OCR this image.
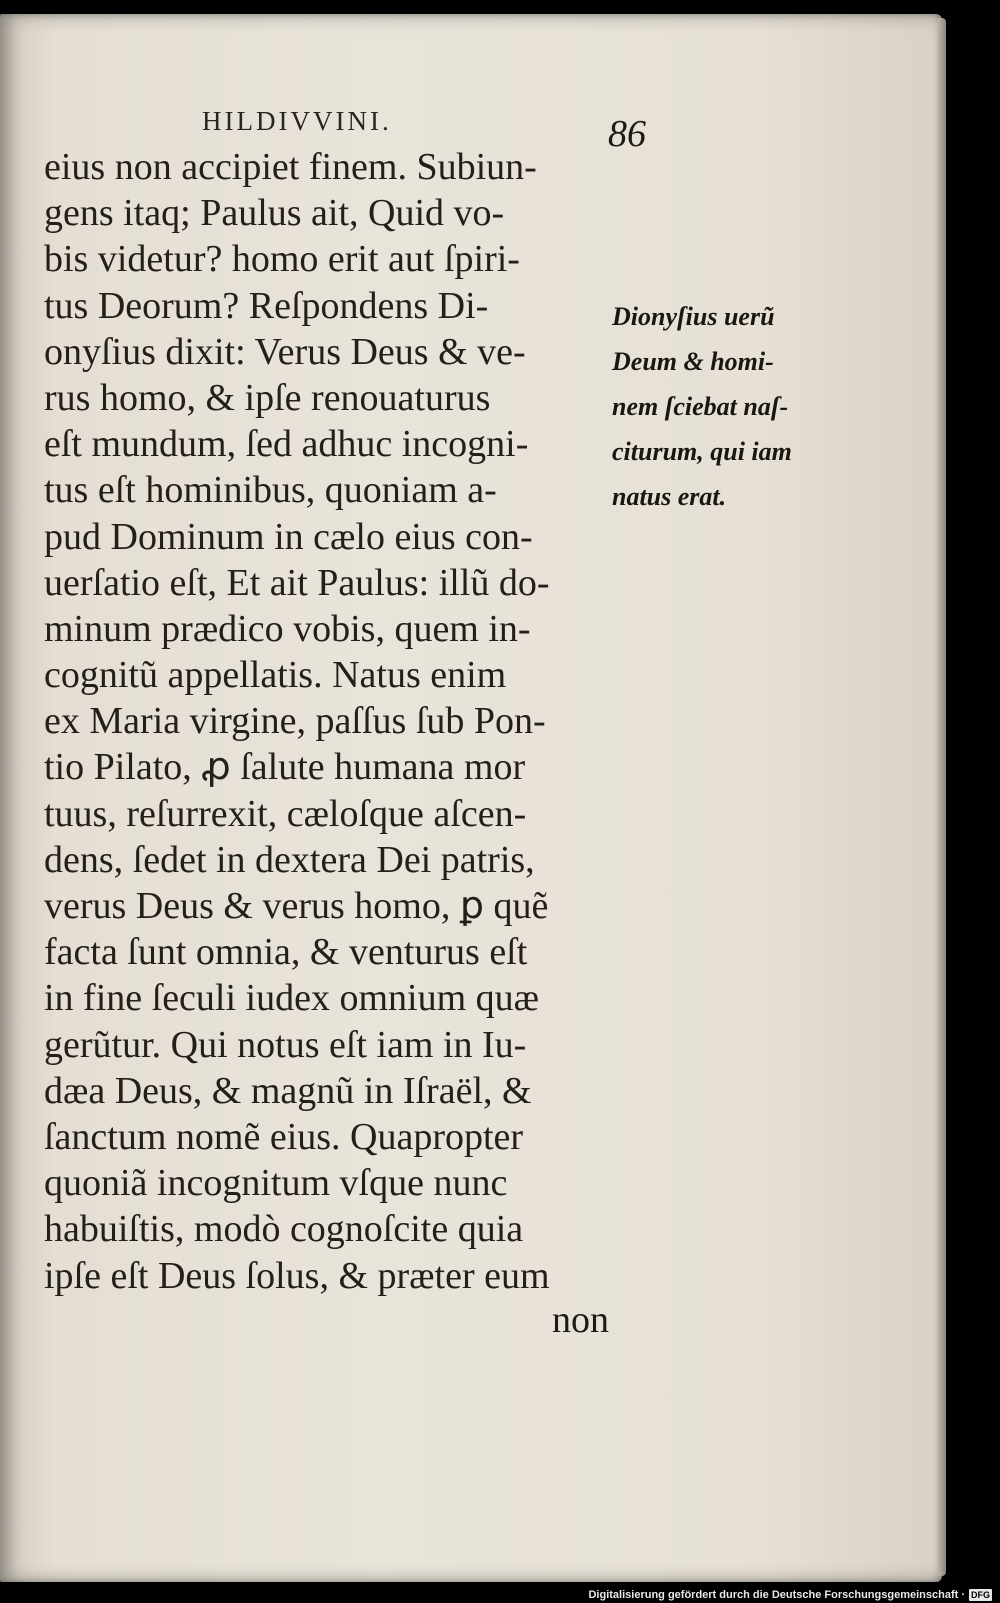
HILDIVVINI.	86
eius non accipiet finem. Subiun-
gens itaq; Paulus ait, Quid vo-
bis videtur? homo erit aut ſpiri-
tus Deorum? Reſpondens Di-
onyſius dixit: Verus Deus & ve-
rus homo, & ipſe renouaturus
eſt mundum, ſed adhuc incogni-
tus eſt hominibus, quoniam a-
pud Dominum in cælo eius con-
uerſatio eſt, Et ait Paulus: illũ do-
minum prædico vobis, quem in-
cognitũ appellatis. Natus enim
ex Maria virgine, paſſus ſub Pon-
tio Pilato, ꝓ ſalute humana mor
tuus, reſurrexit, cæloſque aſcen-
dens, ſedet in dextera Dei patris,
verus Deus & verus homo, ꝑ quẽ
facta ſunt omnia, & venturus eſt
in fine ſeculi iudex omnium quæ
gerũtur. Qui notus eſt iam in Iu-
dæa Deus, & magnũ in Iſraël, &
ſanctum nomẽ eius. Quapropter
quoniã incognitum vſque nunc
habuiſtis, modò cognoſcite quia
ipſe eſt Deus ſolus, & præter eum
non
Dionyſius uerũ
Deum & homi-
nem ſciebat naſ-
citurum, qui iam
natus erat.
Digitalisierung gefördert durch die Deutsche Forschungsgemeinschaft · DFG
